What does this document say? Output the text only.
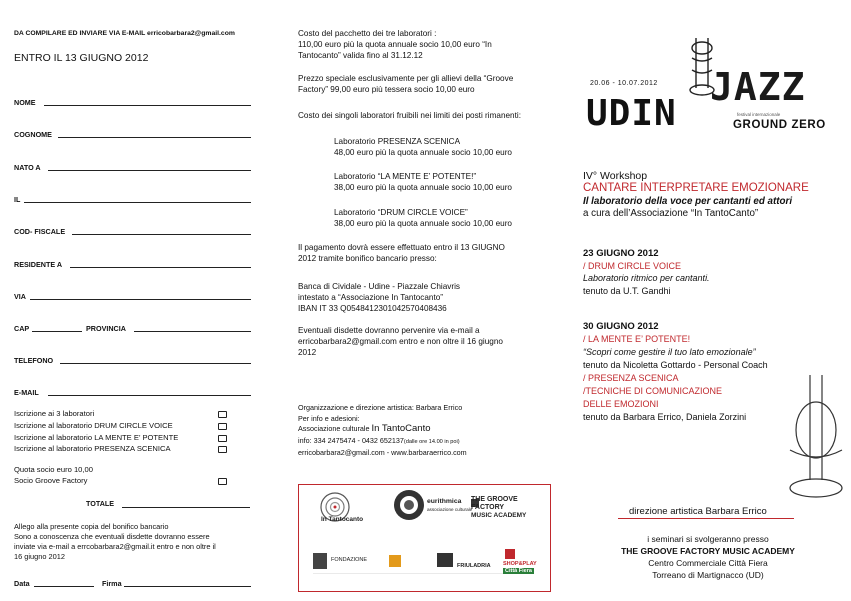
DA COMPILARE ED INVIARE VIA E-MAIL erricobarbara2@gmail.com
ENTRO IL 13 GIUGNO 2012
NOME
COGNOME
NATO A
IL
COD- FISCALE
RESIDENTE A
VIA
CAP	PROVINCIA
TELEFONO
E-MAIL
Iscrizione ai 3 laboratori
Iscrizione al laboratorio DRUM CIRCLE VOICE
Iscrizione al laboratorio LA MENTE E’ POTENTE
Iscrizione al laboratorio PRESENZA SCENICA
Quota socio euro 10,00
Socio Groove Factory
TOTALE
Allego alla presente copia del bonifico bancario
Sono a conoscenza che eventuali disdette dovranno essere
inviate via e-mail a errcobarbara2@gmail.it entro e non oltre il
16 giugno 2012
Data	Firma
Costo del pacchetto dei tre laboratori :
110,00 euro più la quota annuale socio 10,00 euro “In
Tantocanto” valida fino al 31.12.12
Prezzo speciale esclusivamente per gli allievi della “Groove
Factory” 99,00 euro più tessera socio 10,00 euro
Costo dei singoli laboratori fruibili nei limiti dei posti rimanenti:
Laboratorio PRESENZA SCENICA
48,00 euro più la quota annuale socio 10,00 euro
Laboratorio “LA MENTE E’ POTENTE!”
38,00 euro più la quota annuale socio 10,00 euro
Laboratorio “DRUM CIRCLE VOICE”
38,00 euro più la quota annuale socio 10,00 euro
Il pagamento dovrà essere effettuato entro il 13 GIUGNO
2012 tramite bonifico bancario presso:
Banca di Cividale - Udine - Piazzale Chiavris
intestato a “Associazione In Tantocanto”
IBAN IT 33 Q0548412301042570408436
Eventuali disdette dovranno pervenire via e-mail a
erricobarbara2@gmail.com entro e non oltre il 16 giugno
2012
Organizzazione e direzione artistica: Barbara Errico
Per info e adesioni:
Associazione culturale In TantoCanto
info: 334 2475474 - 0432 652137(dalle ore 14.00 in poi)
erricobarbara2@gmail.com - www.barbaraerrico.com
In Tantocanto
eurithmica
associazione culturale
THE GROOVE
FACTORY
MUSIC ACADEMY
FONDAZIONE
FRIULADRIA SHOP&PLAY
Città Fiera
20.06 - 10.07.2012
UDIN
JAZZ
festival internazionale
GROUND ZERO
IV° Workshop
CANTARE INTERPRETARE EMOZIONARE
Il laboratorio della voce per cantanti ed attori
a cura dell’Associazione “In TantoCanto”
23 GIUGNO 2012
/ DRUM CIRCLE VOICE
Laboratorio ritmico per cantanti.
tenuto da U.T. Gandhi
30 GIUGNO 2012
/ LA MENTE E’ POTENTE!
“Scopri come gestire il tuo lato emozionale”
tenuto da Nicoletta Gottardo - Personal Coach
/ PRESENZA SCENICA
/TECNICHE DI COMUNICAZIONE
DELLE EMOZIONI
tenuto da Barbara Errico, Daniela Zorzini
direzione artistica Barbara Errico
i seminari si svolgeranno presso
THE GROOVE FACTORY MUSIC ACADEMY
Centro Commerciale Città Fiera
Torreano di Martignacco (UD)
